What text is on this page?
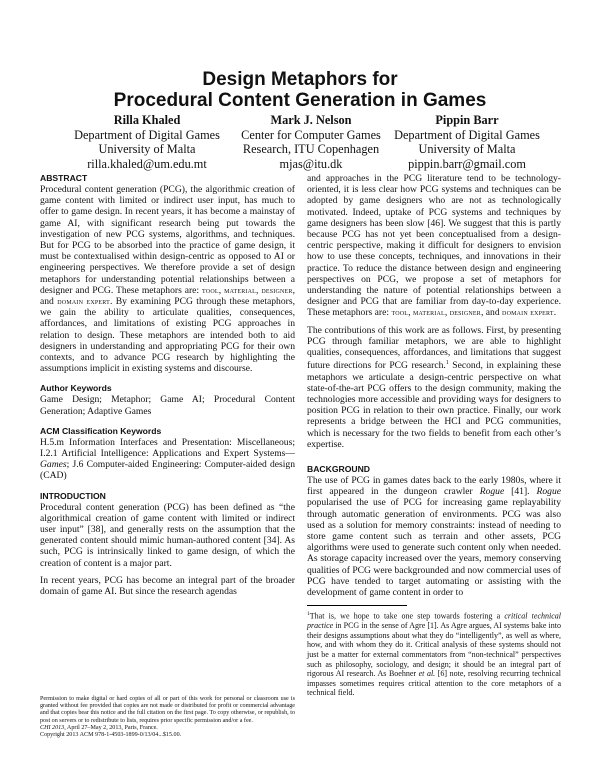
Design Metaphors for
Procedural Content Generation in Games
Rilla Khaled
Department of Digital Games
University of Malta
rilla.khaled@um.edu.mt
Mark J. Nelson
Center for Computer Games
Research, ITU Copenhagen
mjas@itu.dk
Pippin Barr
Department of Digital Games
University of Malta
pippin.barr@gmail.com

ABSTRACT

Procedural content generation (PCG), the algorithmic creation of game content with limited or indirect user input, has much to offer to game design. In recent years, it has become a mainstay of game AI, with significant research being put towards the investigation of new PCG systems, algorithms, and techniques. But for PCG to be absorbed into the practice of game design, it must be contextualised within design-centric as opposed to AI or engineering perspectives. We therefore provide a set of design metaphors for understanding potential relationships between a designer and PCG. These metaphors are: tool, material, designer, and domain expert. By examining PCG through these metaphors, we gain the ability to articulate qualities, consequences, affordances, and limitations of existing PCG approaches in relation to design. These metaphors are intended both to aid designers in understanding and appropriating PCG for their own contexts, and to advance PCG research by highlighting the assumptions implicit in existing systems and discourse.

Author Keywords

Game Design; Metaphor; Game AI; Procedural Content Generation; Adaptive Games

ACM Classification Keywords

H.5.m Information Interfaces and Presentation: Miscellaneous; I.2.1 Artificial Intelligence: Applications and Expert Systems—Games; J.6 Computer-aided Engineering: Computer-aided design (CAD)

INTRODUCTION

Procedural content generation (PCG) has been defined as “the algorithmical creation of game content with limited or indirect user input” [38], and generally rests on the assumption that the generated content should mimic human-authored content [34]. As such, PCG is intrinsically linked to game design, of which the creation of content is a major part.

In recent years, PCG has become an integral part of the broader domain of game AI. But since the research agendas

and approaches in the PCG literature tend to be technology-oriented, it is less clear how PCG systems and techniques can be adopted by game designers who are not as technologically motivated. Indeed, uptake of PCG systems and techniques by game designers has been slow [46]. We suggest that this is partly because PCG has not yet been conceptualised from a design-centric perspective, making it difficult for designers to envision how to use these concepts, techniques, and innovations in their practice. To reduce the distance between design and engineering perspectives on PCG, we propose a set of metaphors for understanding the nature of potential relationships between a designer and PCG that are familiar from day-to-day experience. These metaphors are: tool, material, designer, and domain expert.

The contributions of this work are as follows. First, by presenting PCG through familiar metaphors, we are able to highlight qualities, consequences, affordances, and limitations that suggest future directions for PCG research.$^1$ Second, in explaining these metaphors we articulate a design-centric perspective on what state-of-the-art PCG offers to the design community, making the technologies more accessible and providing ways for designers to position PCG in relation to their own practice. Finally, our work represents a bridge between the HCI and PCG communities, which is necessary for the two fields to benefit from each other’s expertise.

BACKGROUND

The use of PCG in games dates back to the early 1980s, where it first appeared in the dungeon crawler Rogue [41]. Rogue popularised the use of PCG for increasing game replayability through automatic generation of environments. PCG was also used as a solution for memory constraints: instead of needing to store game content such as terrain and other assets, PCG algorithms were used to generate such content only when needed. As storage capacity increased over the years, memory conserving qualities of PCG were backgrounded and now commercial uses of PCG have tended to target automating or assisting with the development of game content in order to

$^1$That is, we hope to take one step towards fostering a critical technical practice in PCG in the sense of Agre [1]. As Agre argues, AI systems bake into their designs assumptions about what they do “intelligently”, as well as where, how, and with whom they do it. Critical analysis of these systems should not just be a matter for external commentators from “non-technical” perspectives such as philosophy, sociology, and design; it should be an integral part of rigorous AI research. As Boehner et al. [6] note, resolving recurring technical impasses sometimes requires critical attention to the core metaphors of a technical field.

Permission to make digital or hard copies of all or part of this work for personal or classroom use is granted without fee provided that copies are not made or distributed for profit or commercial advantage and that copies bear this notice and the full citation on the first page. To copy otherwise, or republish, to post on servers or to redistribute to lists, requires prior specific permission and/or a fee.

CHI 2013, April 27–May 2, 2013, Paris, France.

Copyright 2013 ACM 978-1-4503-1899-0/13/04...$15.00.
